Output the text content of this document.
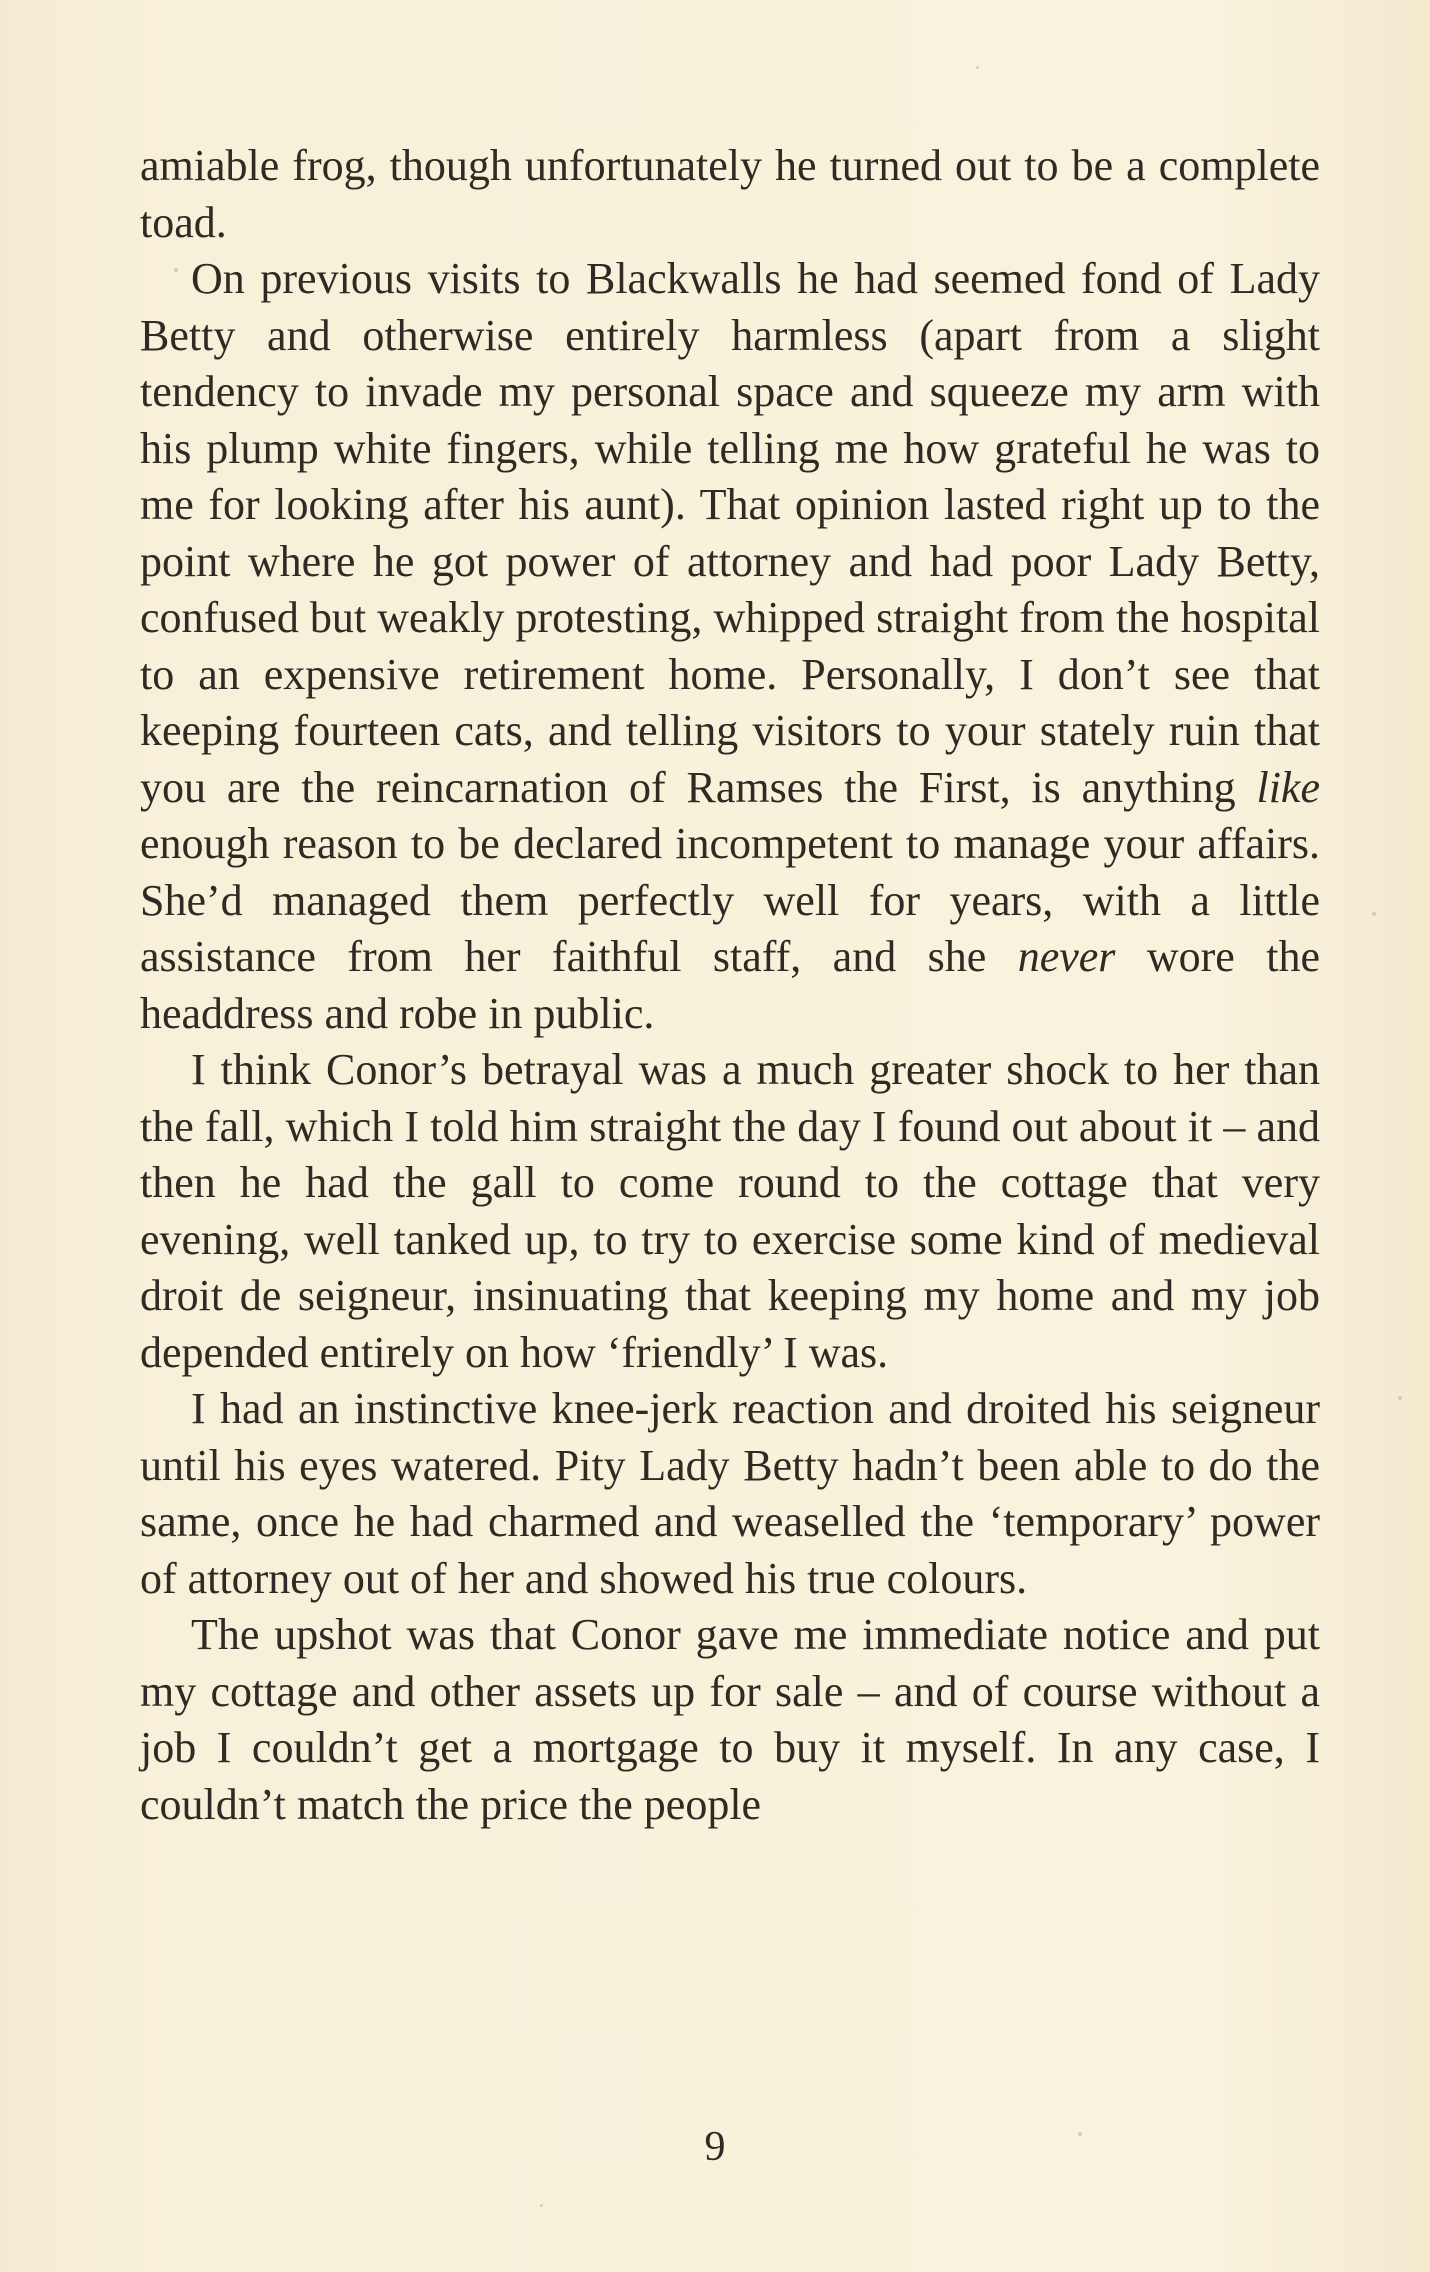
amiable frog, though unfortunately he turned out to be a complete toad.

On previous visits to Blackwalls he had seemed fond of Lady Betty and otherwise entirely harmless (apart from a slight tendency to invade my personal space and squeeze my arm with his plump white fingers, while telling me how grateful he was to me for looking after his aunt). That opinion lasted right up to the point where he got power of attorney and had poor Lady Betty, confused but weakly protesting, whipped straight from the hospital to an expensive retirement home. Personally, I don’t see that keeping fourteen cats, and telling visitors to your stately ruin that you are the reincarnation of Ramses the First, is anything like enough reason to be declared incompetent to manage your affairs. She’d managed them perfectly well for years, with a little assistance from her faithful staff, and she never wore the headdress and robe in public.

I think Conor’s betrayal was a much greater shock to her than the fall, which I told him straight the day I found out about it – and then he had the gall to come round to the cottage that very evening, well tanked up, to try to exercise some kind of medieval droit de seigneur, insinuating that keeping my home and my job depended entirely on how ‘friendly’ I was.

I had an instinctive knee-jerk reaction and droited his seigneur until his eyes watered. Pity Lady Betty hadn’t been able to do the same, once he had charmed and weaselled the ‘temporary’ power of attorney out of her and showed his true colours.

The upshot was that Conor gave me immediate notice and put my cottage and other assets up for sale – and of course without a job I couldn’t get a mortgage to buy it myself. In any case, I couldn’t match the price the people

9
